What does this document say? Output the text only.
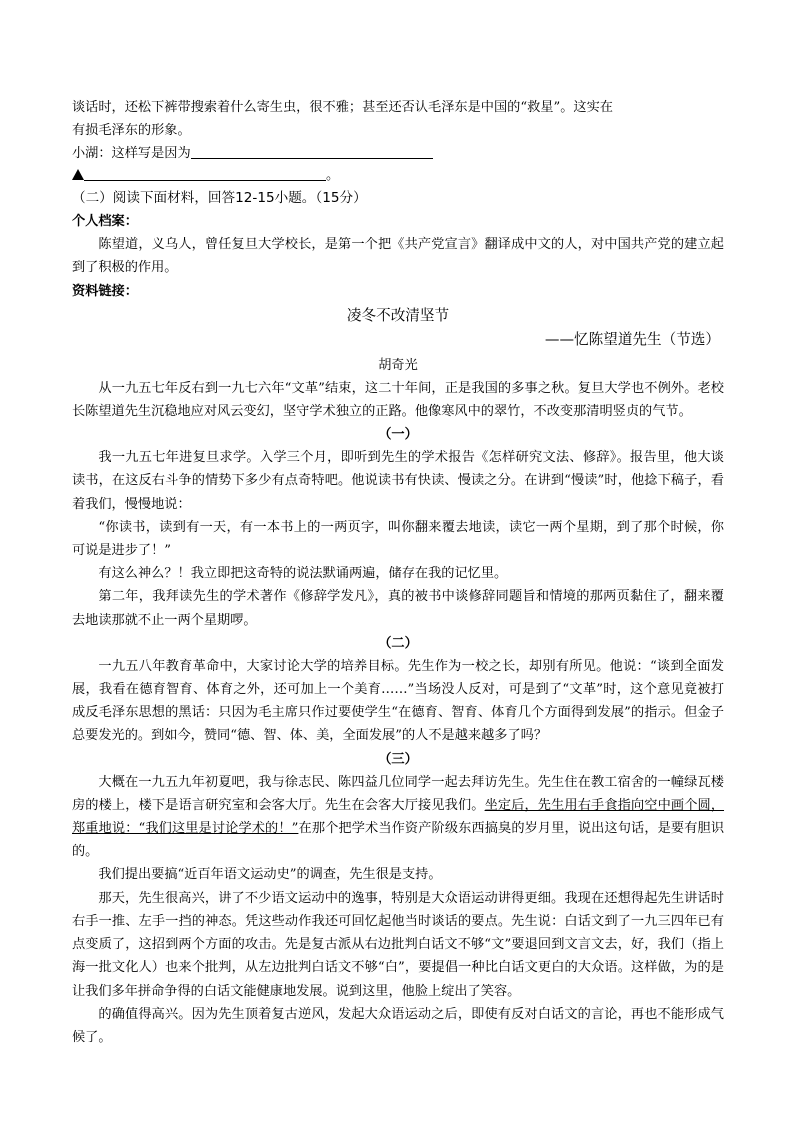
谈话时，还松下裤带搜索着什么寄生虫，很不雅；甚至还否认毛泽东是中国的“救星”。这实在

有损毛泽东的形象。

小湖：这样写是因为

。

（二）阅读下面材料，回答12-15小题。（15分）

个人档案：

陈望道，义乌人，曾任复旦大学校长，是第一个把《共产党宣言》翻译成中文的人，对中国共产党的建立起到了积极的作用。

资料链接：

凌冬不改清坚节

——忆陈望道先生（节选）

胡奇光

从一九五七年反右到一九七六年“文革”结束，这二十年间，正是我国的多事之秋。复旦大学也不例外。老校长陈望道先生沉稳地应对风云变幻，坚守学术独立的正路。他像寒风中的翠竹，不改变那清明竖贞的气节。

（一）

我一九五七年进复旦求学。入学三个月，即听到先生的学术报告《怎样研究文法、修辞》。报告里，他大谈读书，在这反右斗争的情势下多少有点奇特吧。他说读书有快读、慢读之分。在讲到“慢读”时，他捻下稿子，看着我们，慢慢地说：

“你读书，读到有一天，有一本书上的一两页字，叫你翻来覆去地读，读它一两个星期，到了那个时候，你可说是进步了！”

有这么神么？！我立即把这奇特的说法默诵两遍，储存在我的记忆里。

第二年，我拜读先生的学术著作《修辞学发凡》，真的被书中谈修辞同题旨和情境的那两页黏住了，翻来覆去地读那就不止一两个星期啰。

（二）

一九五八年教育革命中，大家讨论大学的培养目标。先生作为一校之长，却别有所见。他说：“谈到全面发展，我看在德育智育、体育之外，还可加上一个美育……”当场没人反对，可是到了“文革”时，这个意见竟被打成反毛泽东思想的黑话：只因为毛主席只作过要使学生“在德育、智育、体育几个方面得到发展”的指示。但金子总要发光的。到如今，赞同“德、智、体、美，全面发展”的人不是越来越多了吗？

（三）

大概在一九五九年初夏吧，我与徐志民、陈四益几位同学一起去拜访先生。先生住在教工宿舍的一幢绿瓦楼房的楼上，楼下是语言研究室和会客大厅。先生在会客大厅接见我们。坐定后，先生用右手食指向空中画个圆，郑重地说：“我们这里是讨论学术的！”在那个把学术当作资产阶级东西搞臭的岁月里，说出这句话，是要有胆识的。

我们提出要搞“近百年语文运动史”的调查，先生很是支持。

那天，先生很高兴，讲了不少语文运动中的逸事，特别是大众语运动讲得更细。我现在还想得起先生讲话时右手一推、左手一挡的神态。凭这些动作我还可回忆起他当时谈话的要点。先生说：白话文到了一九三四年已有点变质了，这招到两个方面的攻击。先是复古派从右边批判白话文不够“文”要退回到文言文去，好，我们（指上海一批文化人）也来个批判，从左边批判白话文不够“白”，要提倡一种比白话文更白的大众语。这样做，为的是让我们多年拼命争得的白话文能健康地发展。说到这里，他脸上绽出了笑容。

的确值得高兴。因为先生顶着复古逆风，发起大众语运动之后，即使有反对白话文的言论，再也不能形成气候了。
